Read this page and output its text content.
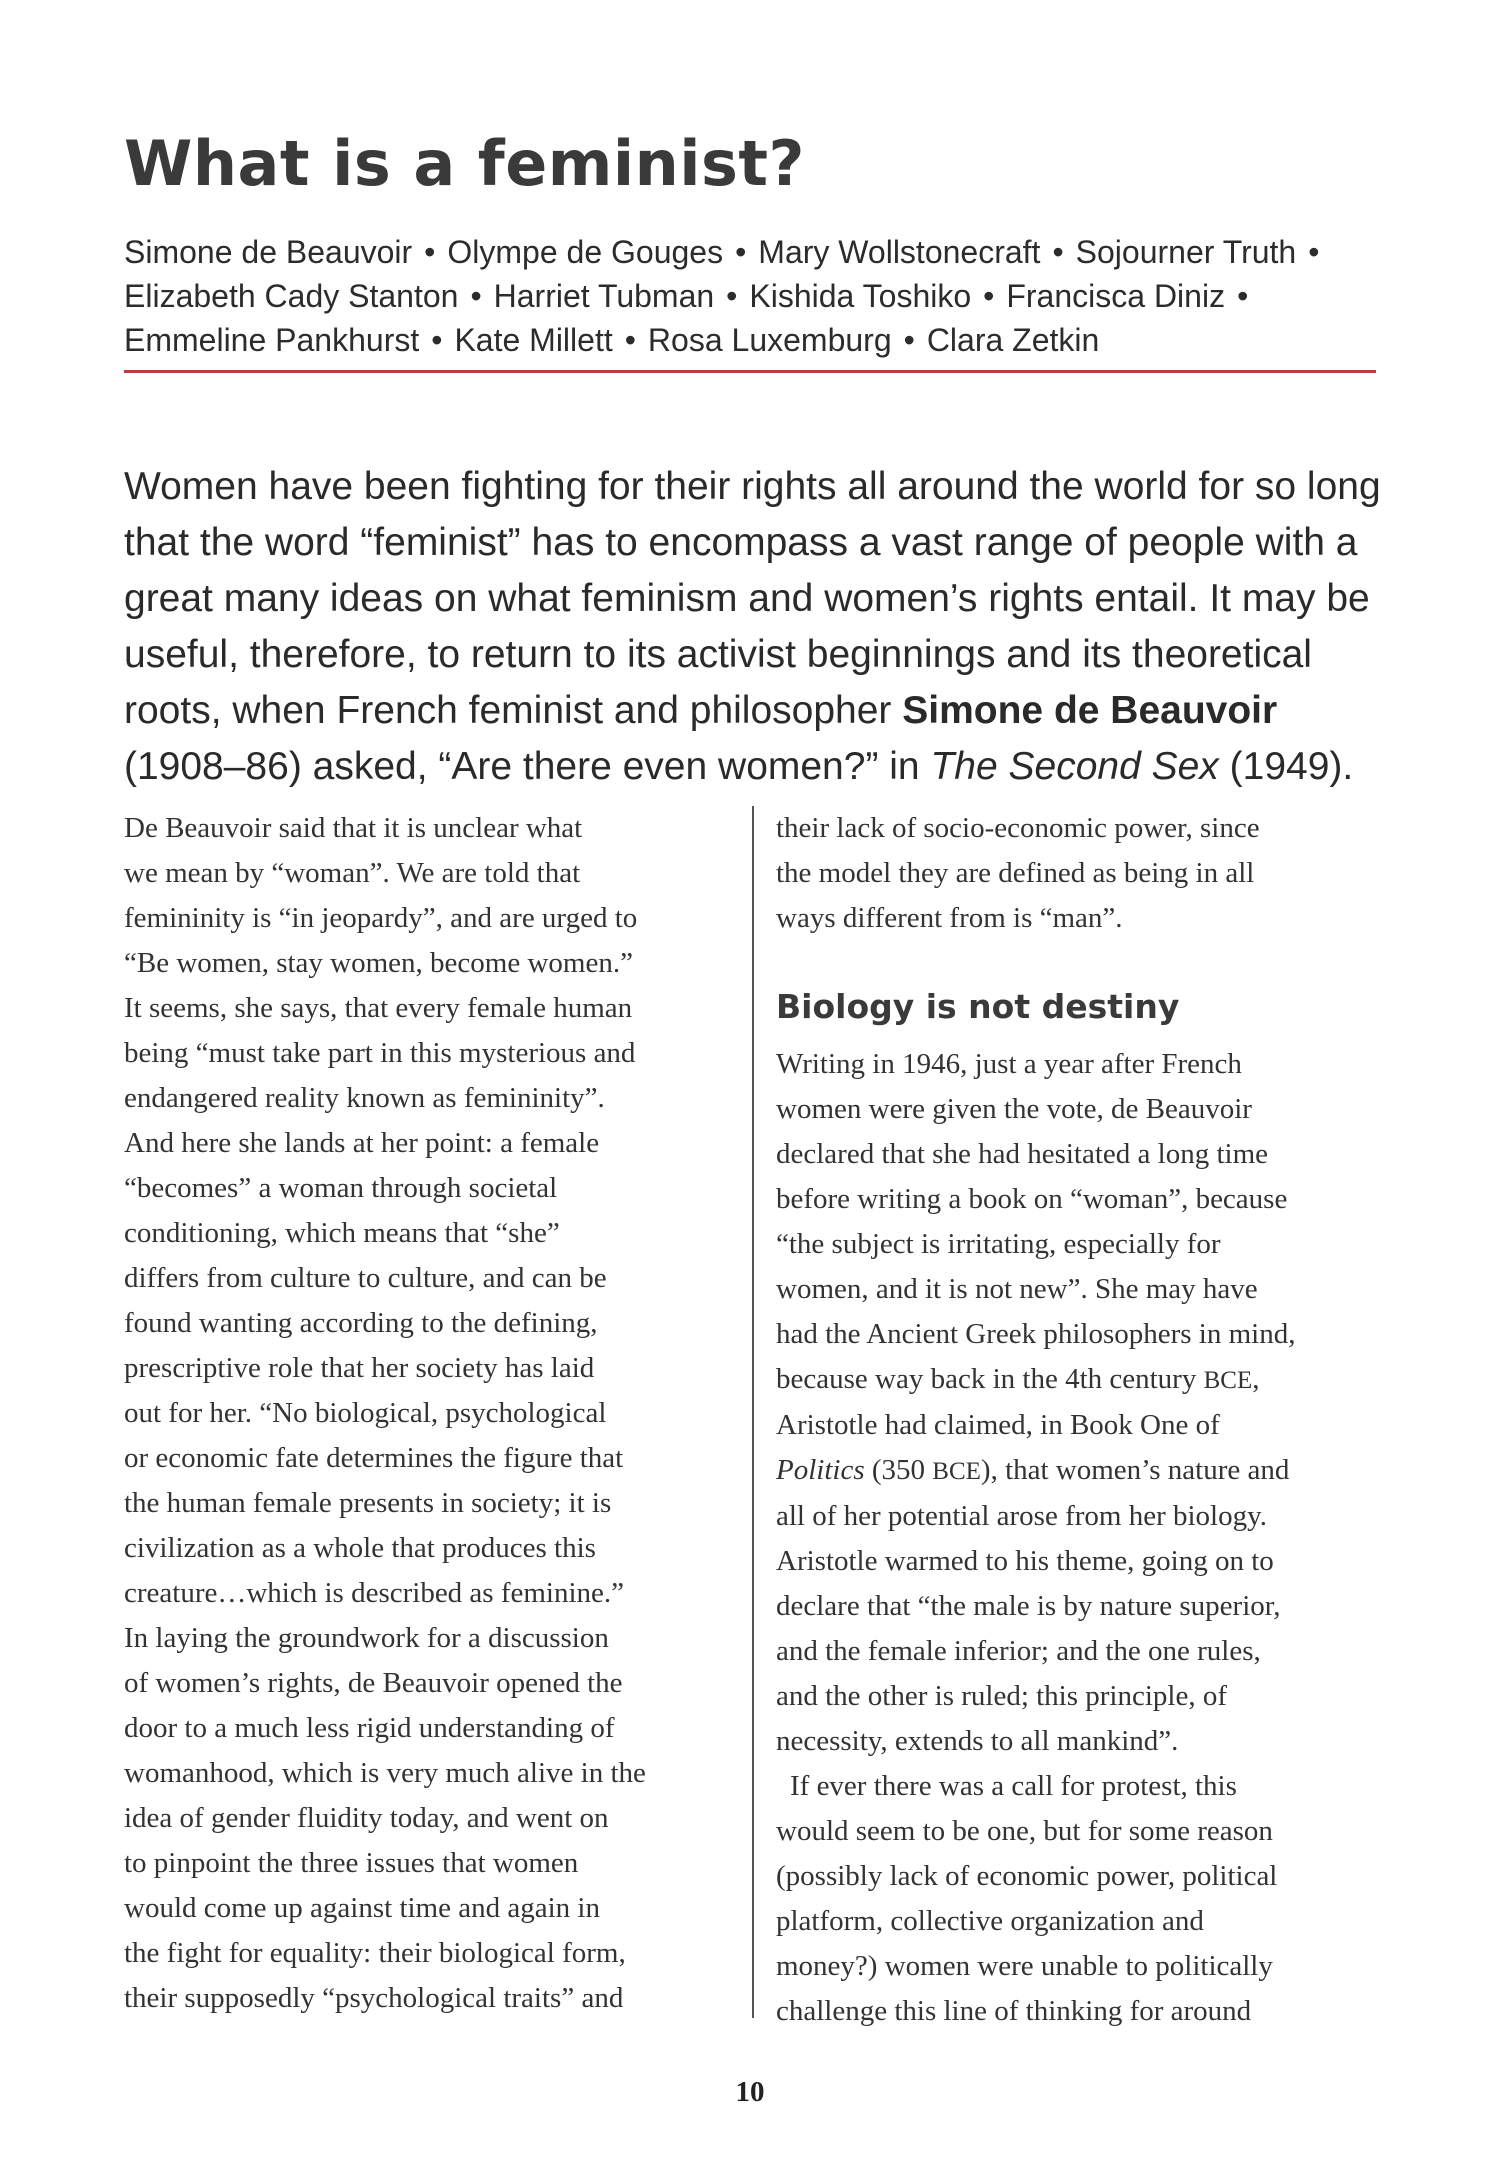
What is a feminist?
Simone de Beauvoir • Olympe de Gouges • Mary Wollstonecraft • Sojourner Truth •
Elizabeth Cady Stanton • Harriet Tubman • Kishida Toshiko • Francisca Diniz •
Emmeline Pankhurst • Kate Millett • Rosa Luxemburg • Clara Zetkin

Women have been fighting for their rights all around the world for so long that the word “feminist” has to encompass a vast range of people with a great many ideas on what feminism and women’s rights entail. It may be useful, therefore, to return to its activist beginnings and its theoretical roots, when French feminist and philosopher Simone de Beauvoir (1908–86) asked, “Are there even women?” in The Second Sex (1949).

De Beauvoir said that it is unclear what
we mean by “woman”. We are told that
femininity is “in jeopardy”, and are urged to
“Be women, stay women, become women.”
It seems, she says, that every female human
being “must take part in this mysterious and
endangered reality known as femininity”.
And here she lands at her point: a female
“becomes” a woman through societal
conditioning, which means that “she”
differs from culture to culture, and can be
found wanting according to the defining,
prescriptive role that her society has laid
out for her. “No biological, psychological
or economic fate determines the figure that
the human female presents in society; it is
civilization as a whole that produces this
creature…which is described as feminine.”
In laying the groundwork for a discussion
of women’s rights, de Beauvoir opened the
door to a much less rigid understanding of
womanhood, which is very much alive in the
idea of gender fluidity today, and went on
to pinpoint the three issues that women
would come up against time and again in
the fight for equality: their biological form,
their supposedly “psychological traits” and

their lack of socio-economic power, since
the model they are defined as being in all
ways different from is “man”.

Biology is not destiny

Writing in 1946, just a year after French
women were given the vote, de Beauvoir
declared that she had hesitated a long time
before writing a book on “woman”, because
“the subject is irritating, especially for
women, and it is not new”. She may have
had the Ancient Greek philosophers in mind,
because way back in the 4th century BCE,
Aristotle had claimed, in Book One of
Politics (350 BCE), that women’s nature and
all of her potential arose from her biology.
Aristotle warmed to his theme, going on to
declare that “the male is by nature superior,
and the female inferior; and the one rules,
and the other is ruled; this principle, of
necessity, extends to all mankind”.

If ever there was a call for protest, this
would seem to be one, but for some reason
(possibly lack of economic power, political
platform, collective organization and
money?) women were unable to politically
challenge this line of thinking for around

10
